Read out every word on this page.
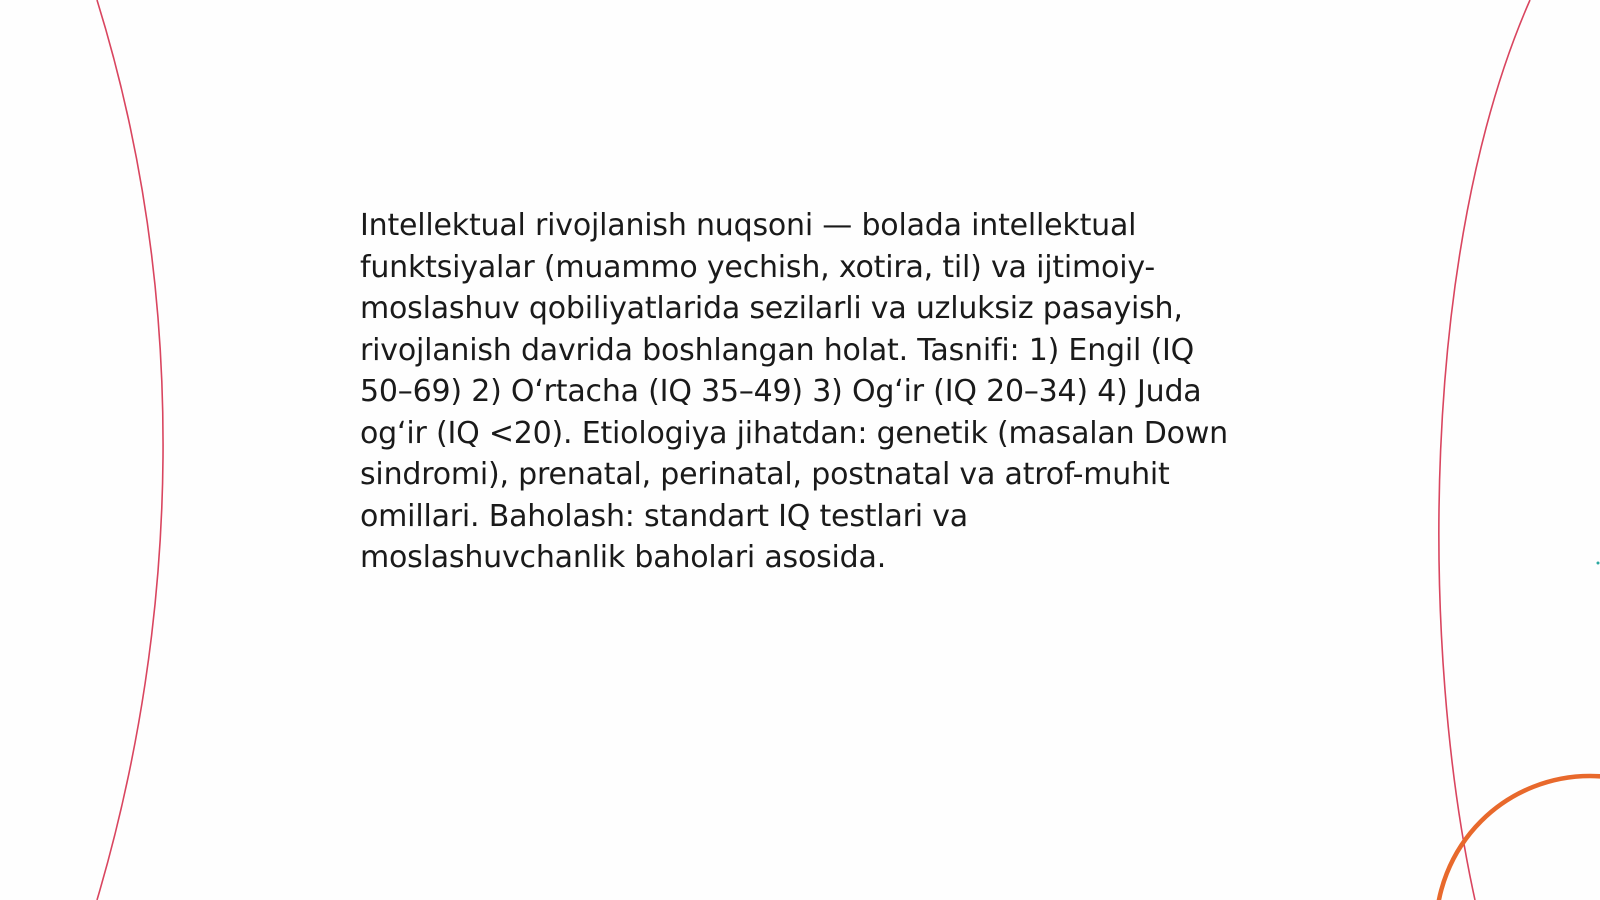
Intellektual rivojlanish nuqsoni — bolada intellektual funktsiyalar (muammo yechish, xotira, til) va ijtimoiy-moslashuv qobiliyatlarida sezilarli va uzluksiz pasayish, rivojlanish davrida boshlangan holat. Tasnifi: 1) Engil (IQ 50–69) 2) O‘rtacha (IQ 35–49) 3) Og‘ir (IQ 20–34) 4) Juda og‘ir (IQ <20). Etiologiya jihatdan: genetik (masalan Down sindromi), prenatal, perinatal, postnatal va atrof-muhit omillari. Baholash: standart IQ testlari va moslashuvchanlik baholari asosida.
